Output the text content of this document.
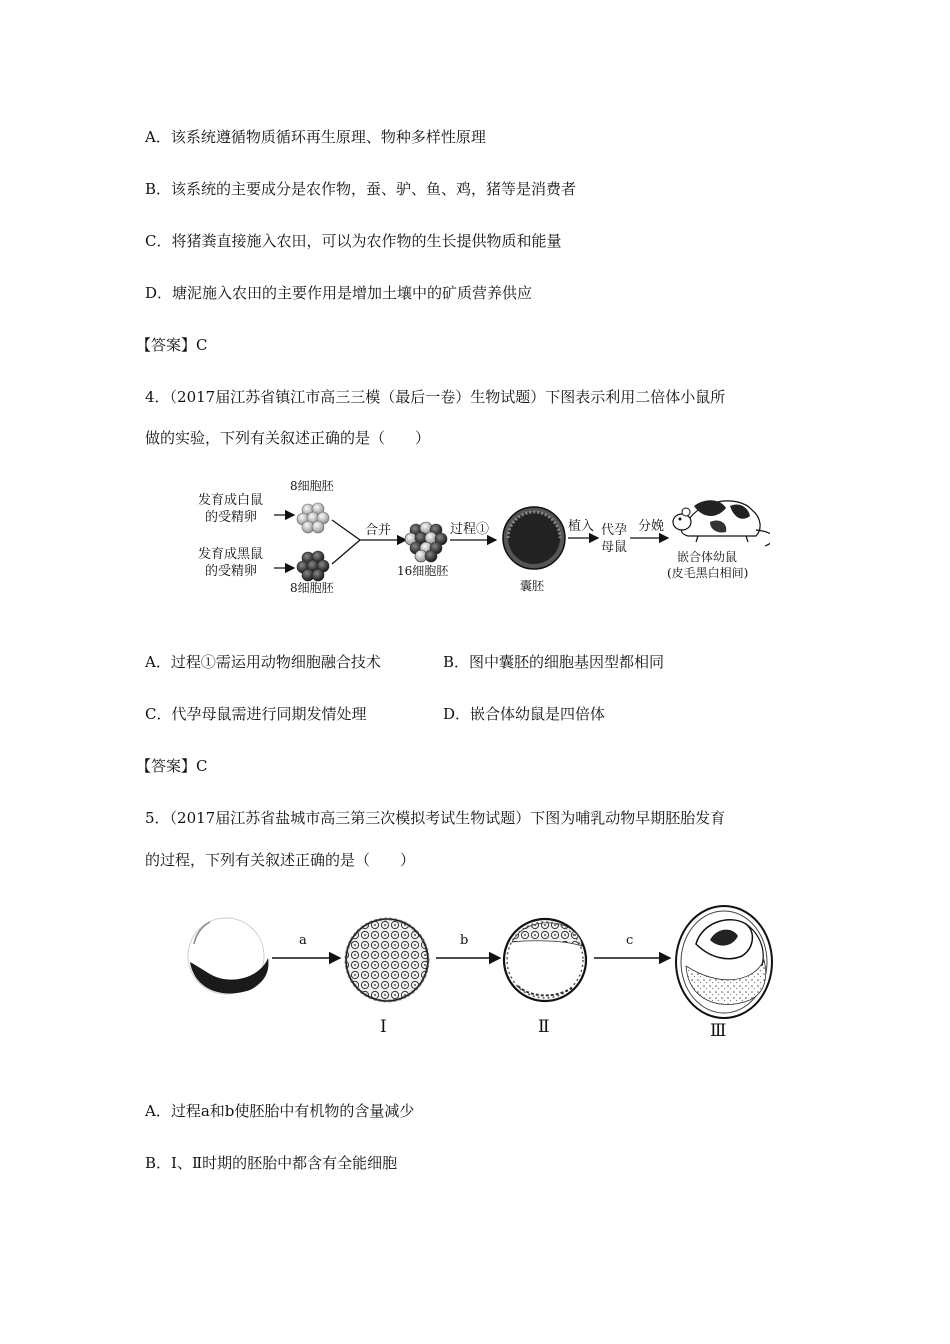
A．该系统遵循物质循环再生原理、物种多样性原理
B．该系统的主要成分是农作物，蚕、驴、鱼、鸡，猪等是消费者
C．将猪粪直接施入农田，可以为农作物的生长提供物质和能量
D．塘泥施入农田的主要作用是增加土壤中的矿质营养供应
【答案】C
4．（2017届江苏省镇江市高三三模（最后一卷）生物试题）下图表示利用二倍体小鼠所
做的实验，下列有关叙述正确的是（　　）
发育成白鼠
的受精卵
发育成黑鼠
的受精卵
8细胞胚
8细胞胚
合并
16细胞胚
过程①
囊胚
植入 代孕
母鼠
分娩
嵌合体幼鼠
(皮毛黑白相间)
A．过程①需运用动物细胞融合技术	B．图中囊胚的细胞基因型都相同
C．代孕母鼠需进行同期发情处理	D．嵌合体幼鼠是四倍体
【答案】C
5．（2017届江苏省盐城市高三第三次模拟考试生物试题）下图为哺乳动物早期胚胎发育
的过程，下列有关叙述正确的是（　　）
a
Ⅰ
b
Ⅱ
c
Ⅲ
A．过程a和b使胚胎中有机物的含量减少
B．Ⅰ、Ⅱ时期的胚胎中都含有全能细胞
